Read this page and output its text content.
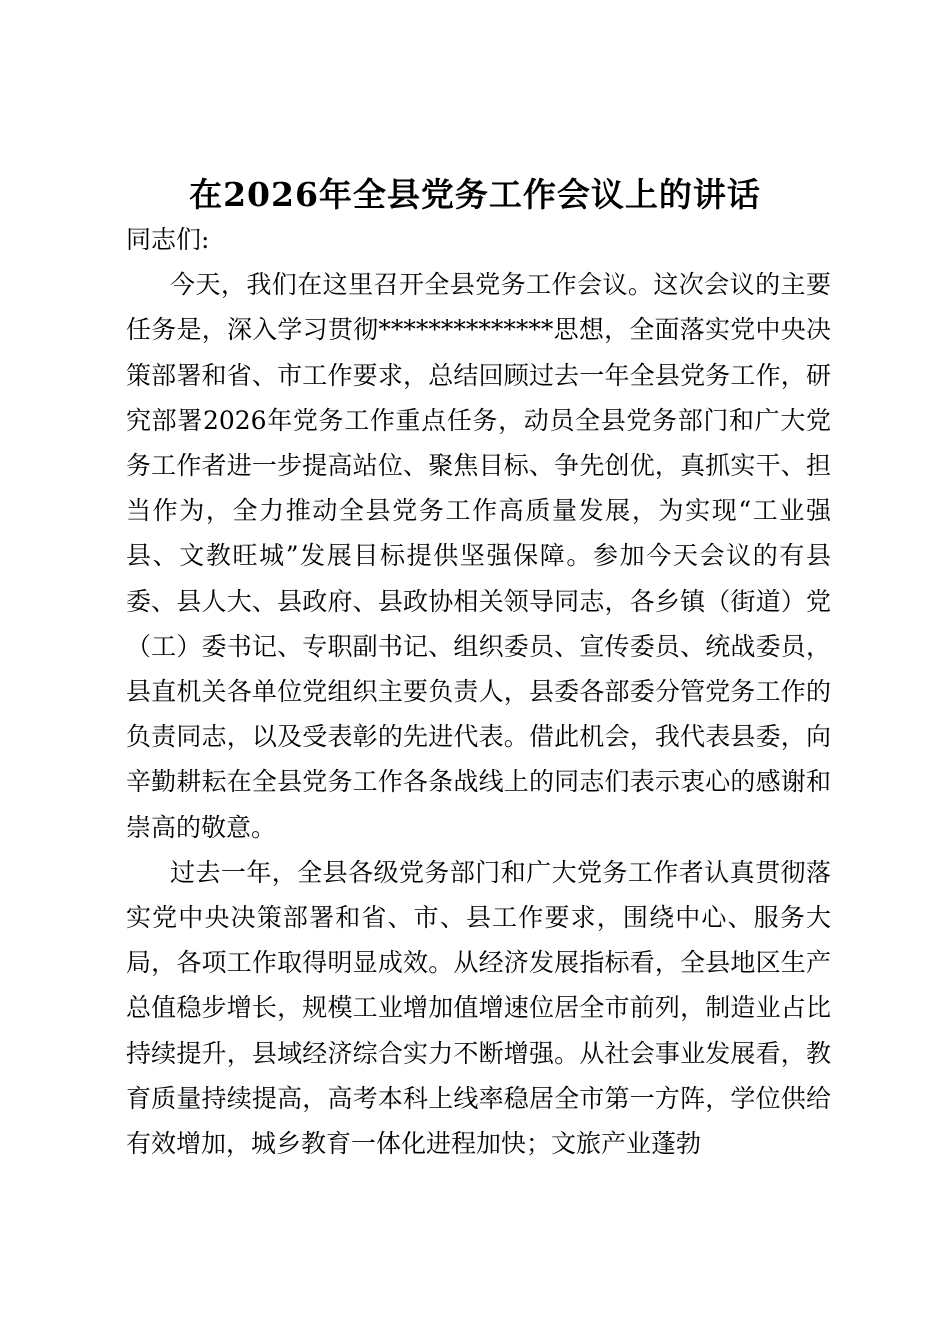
在2026年全县党务工作会议上的讲话

同志们:

今天，我们在这里召开全县党务工作会议。这次会议的主要任务是，深入学习贯彻**************思想，全面落实党中央决策部署和省、市工作要求，总结回顾过去一年全县党务工作，研究部署2026年党务工作重点任务，动员全县党务部门和广大党务工作者进一步提高站位、聚焦目标、争先创优，真抓实干、担当作为，全力推动全县党务工作高质量发展，为实现“工业强县、文教旺城”发展目标提供坚强保障。参加今天会议的有县委、县人大、县政府、县政协相关领导同志，各乡镇（街道）党（工）委书记、专职副书记、组织委员、宣传委员、统战委员，县直机关各单位党组织主要负责人，县委各部委分管党务工作的负责同志，以及受表彰的先进代表。借此机会，我代表县委，向辛勤耕耘在全县党务工作各条战线上的同志们表示衷心的感谢和崇高的敬意。

过去一年，全县各级党务部门和广大党务工作者认真贯彻落实党中央决策部署和省、市、县工作要求，围绕中心、服务大局，各项工作取得明显成效。从经济发展指标看，全县地区生产总值稳步增长，规模工业增加值增速位居全市前列，制造业占比持续提升，县域经济综合实力不断增强。从社会事业发展看，教育质量持续提高，高考本科上线率稳居全市第一方阵，学位供给有效增加，城乡教育一体化进程加快；文旅产业蓬勃
